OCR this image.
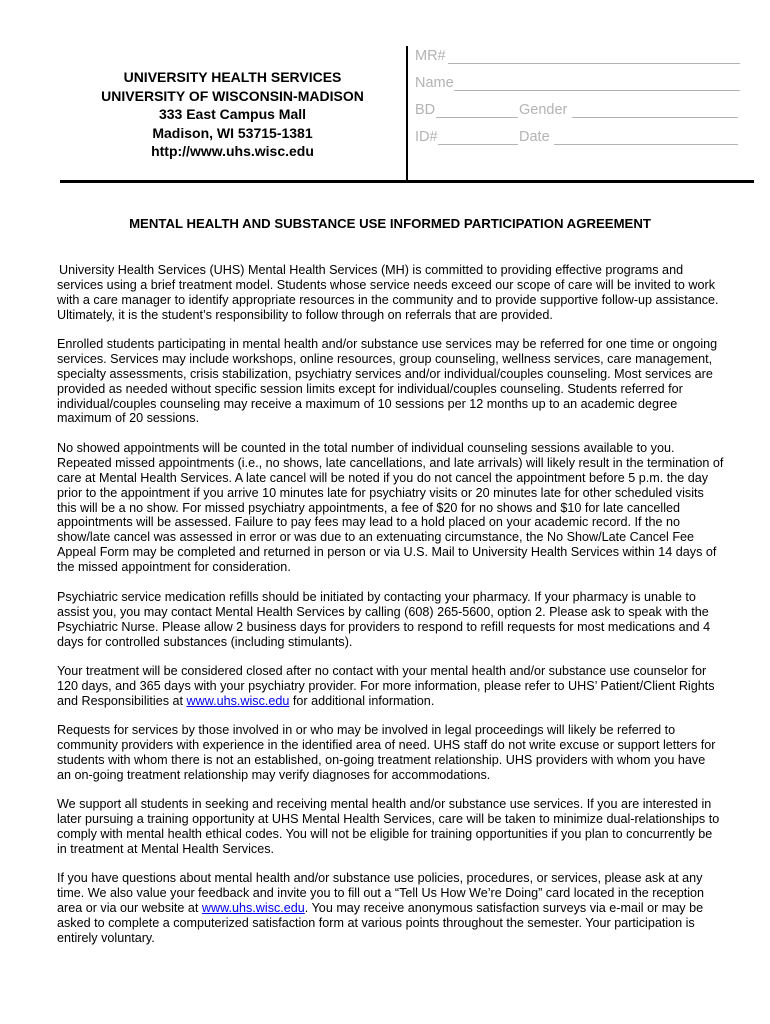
UNIVERSITY HEALTH SERVICES
UNIVERSITY OF WISCONSIN-MADISON
333 East Campus Mall
Madison, WI 53715-1381
http://www.uhs.wisc.edu
MR#
Name
BD	Gender
ID#	Date
MENTAL HEALTH AND SUBSTANCE USE INFORMED PARTICIPATION AGREEMENT
University Health Services (UHS) Mental Health Services (MH) is committed to providing effective programs and
services using a brief treatment model. Students whose service needs exceed our scope of care will be invited to work
with a care manager to identify appropriate resources in the community and to provide supportive follow-up assistance.
Ultimately, it is the student’s responsibility to follow through on referrals that are provided.
Enrolled students participating in mental health and/or substance use services may be referred for one time or ongoing
services. Services may include workshops, online resources, group counseling, wellness services, care management,
specialty assessments, crisis stabilization, psychiatry services and/or individual/couples counseling. Most services are
provided as needed without specific session limits except for individual/couples counseling. Students referred for
individual/couples counseling may receive a maximum of 10 sessions per 12 months up to an academic degree
maximum of 20 sessions.
No showed appointments will be counted in the total number of individual counseling sessions available to you.
Repeated missed appointments (i.e., no shows, late cancellations, and late arrivals) will likely result in the termination of
care at Mental Health Services. A late cancel will be noted if you do not cancel the appointment before 5 p.m. the day
prior to the appointment if you arrive 10 minutes late for psychiatry visits or 20 minutes late for other scheduled visits
this will be a no show. For missed psychiatry appointments, a fee of $20 for no shows and $10 for late cancelled
appointments will be assessed. Failure to pay fees may lead to a hold placed on your academic record. If the no
show/late cancel was assessed in error or was due to an extenuating circumstance, the No Show/Late Cancel Fee
Appeal Form may be completed and returned in person or via U.S. Mail to University Health Services within 14 days of
the missed appointment for consideration.
Psychiatric service medication refills should be initiated by contacting your pharmacy. If your pharmacy is unable to
assist you, you may contact Mental Health Services by calling (608) 265-5600, option 2. Please ask to speak with the
Psychiatric Nurse. Please allow 2 business days for providers to respond to refill requests for most medications and 4
days for controlled substances (including stimulants).
Your treatment will be considered closed after no contact with your mental health and/or substance use counselor for
120 days, and 365 days with your psychiatry provider. For more information, please refer to UHS’ Patient/Client Rights
and Responsibilities at www.uhs.wisc.edu for additional information.
Requests for services by those involved in or who may be involved in legal proceedings will likely be referred to
community providers with experience in the identified area of need. UHS staff do not write excuse or support letters for
students with whom there is not an established, on-going treatment relationship. UHS providers with whom you have
an on-going treatment relationship may verify diagnoses for accommodations.
We support all students in seeking and receiving mental health and/or substance use services. If you are interested in
later pursuing a training opportunity at UHS Mental Health Services, care will be taken to minimize dual-relationships to
comply with mental health ethical codes. You will not be eligible for training opportunities if you plan to concurrently be
in treatment at Mental Health Services.
If you have questions about mental health and/or substance use policies, procedures, or services, please ask at any
time. We also value your feedback and invite you to fill out a “Tell Us How We’re Doing” card located in the reception
area or via our website at www.uhs.wisc.edu. You may receive anonymous satisfaction surveys via e-mail or may be
asked to complete a computerized satisfaction form at various points throughout the semester. Your participation is
entirely voluntary.
